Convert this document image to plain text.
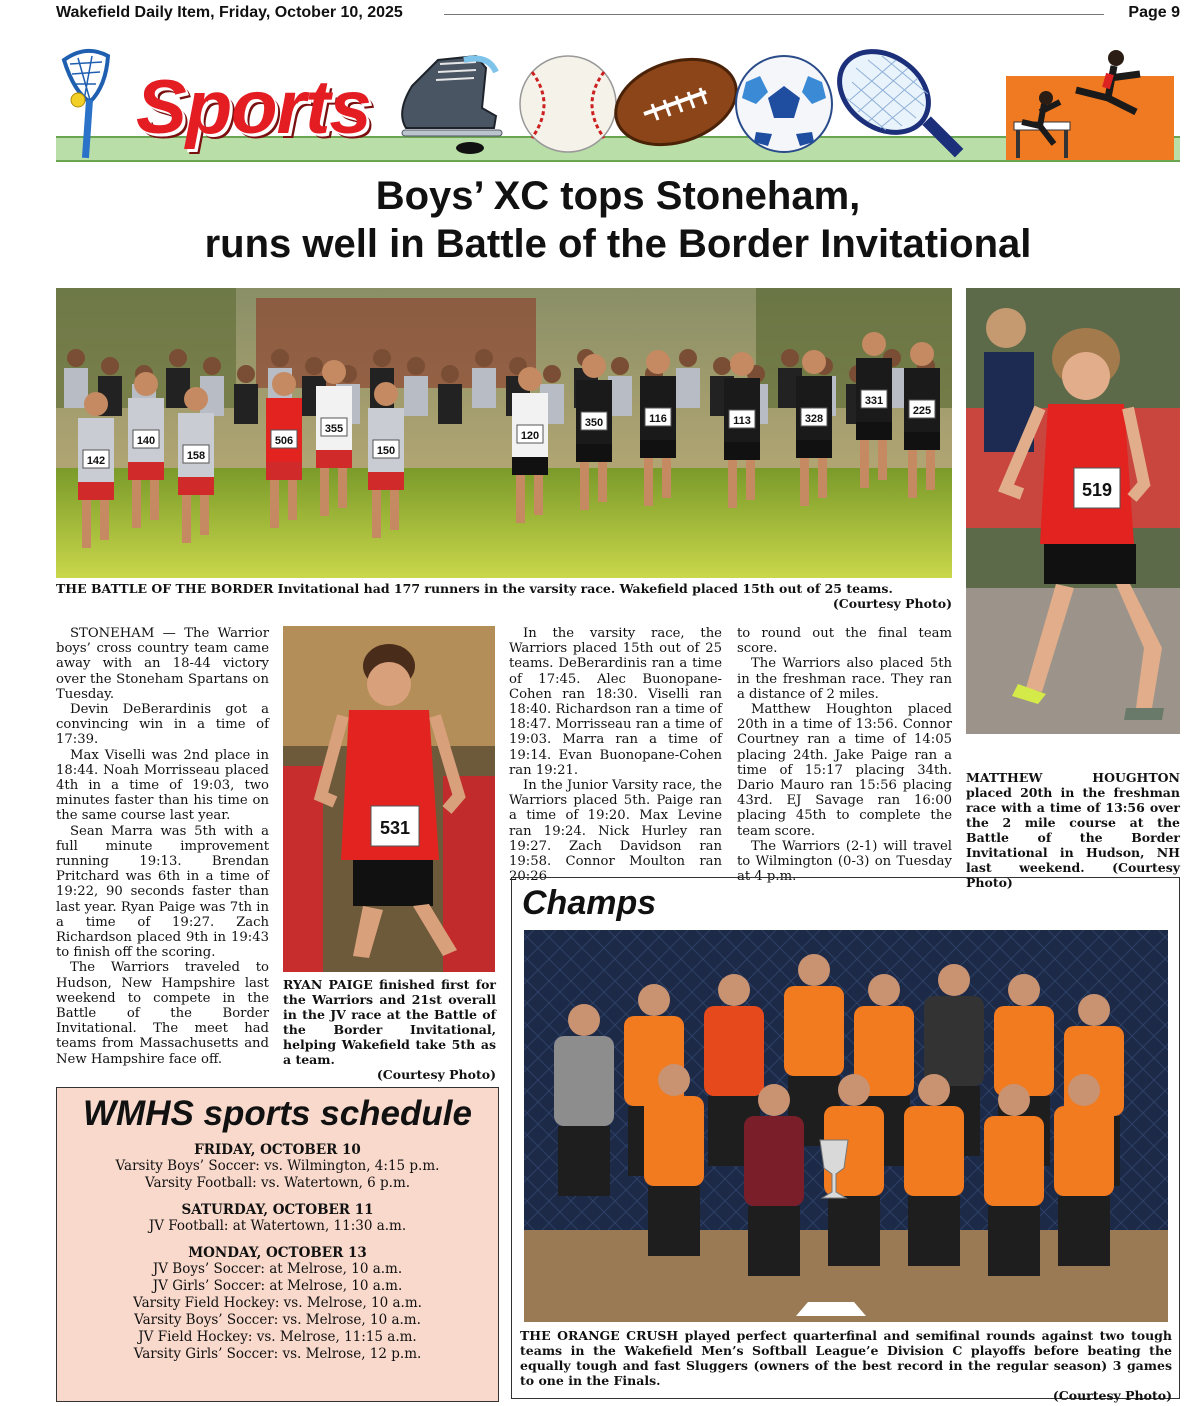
Wakefield Daily Item, Friday, October 10, 2025	Page 9
Sports
Boys’ XC tops Stoneham,
runs well in Battle of the Border Invitational
142
140
158
506
355
150
120
350	116	113	328
331
225
THE BATTLE OF THE BORDER Invitational had 177 runners in the varsity race. Wakefield placed 15th out of 25 teams.
(Courtesy Photo)
519
MATTHEW HOUGHTON placed 20th in the freshman race with a time of 13:56 over the 2 mile course at the Battle of the Border Invitational in Hudson, NH last weekend. (Courtesy Photo)
531
RYAN PAIGE finished first for the Warriors and 21st overall in the JV race at the Battle of the Border Invitational, helping Wakefield take 5th as a team.
(Courtesy Photo)

STONEHAM — The Warrior boys’ cross country team came away with an 18-44 victory over the Stoneham Spartans on Tuesday.

Devin DeBerardinis got a convincing win in a time of 17:39.

Max Viselli was 2nd place in 18:44. Noah Morrisseau placed 4th in a time of 19:03, two minutes faster than his time on the same course last year.

Sean Marra was 5th with a full minute improvement running 19:13. Brendan Pritchard was 6th in a time of 19:22, 90 seconds faster than last year. Ryan Paige was 7th in a time of 19:27. Zach Richardson placed 9th in 19:43 to finish off the scoring.

The Warriors traveled to Hudson, New Hampshire last weekend to compete in the Battle of the Border Invitational. The meet had teams from Massachusetts and New Hampshire face off.

In the varsity race, the Warriors placed 15th out of 25 teams. DeBerardinis ran a time of 17:45. Alec Buonopane-Cohen ran 18:30. Viselli ran 18:40. Richardson ran a time of 18:47. Morrisseau ran a time of 19:03. Marra ran a time of 19:14. Evan Buonopane-Cohen ran 19:21.

In the Junior Varsity race, the Warriors placed 5th. Paige ran a time of 19:20. Max Levine ran 19:24. Nick Hurley ran 19:27. Zach Davidson ran 19:58. Connor Moulton ran 20:26

to round out the final team score.

The Warriors also placed 5th in the freshman race. They ran a distance of 2 miles.

Matthew Houghton placed 20th in a time of 13:56. Connor Courtney ran a time of 14:05 placing 24th. Jake Paige ran a time of 15:17 placing 34th. Dario Mauro ran 15:56 placing 43rd. EJ Savage ran 16:00 placing 45th to complete the team score.

The Warriors (2-1) will travel to Wilmington (0-3) on Tuesday at 4 p.m.

WMHS sports schedule
FRIDAY, OCTOBER 10
Varsity Boys’ Soccer: vs. Wilmington, 4:15 p.m.
Varsity Football: vs. Watertown, 6 p.m.
SATURDAY, OCTOBER 11
JV Football: at Watertown, 11:30 a.m.
MONDAY, OCTOBER 13
JV Boys’ Soccer: at Melrose, 10 a.m.
JV Girls’ Soccer: at Melrose, 10 a.m.
Varsity Field Hockey: vs. Melrose, 10 a.m.
Varsity Boys’ Soccer: vs. Melrose, 10 a.m.
JV Field Hockey: vs. Melrose, 11:15 a.m.
Varsity Girls’ Soccer: vs. Melrose, 12 p.m.
Champs
THE ORANGE CRUSH played perfect quarterfinal and semifinal rounds against two tough teams in the Wakefield Men’s Softball League’e Division C playoffs before beating the equally tough and fast Sluggers (owners of the best record in the regular season) 3 games to one in the Finals.
(Courtesy Photo)
